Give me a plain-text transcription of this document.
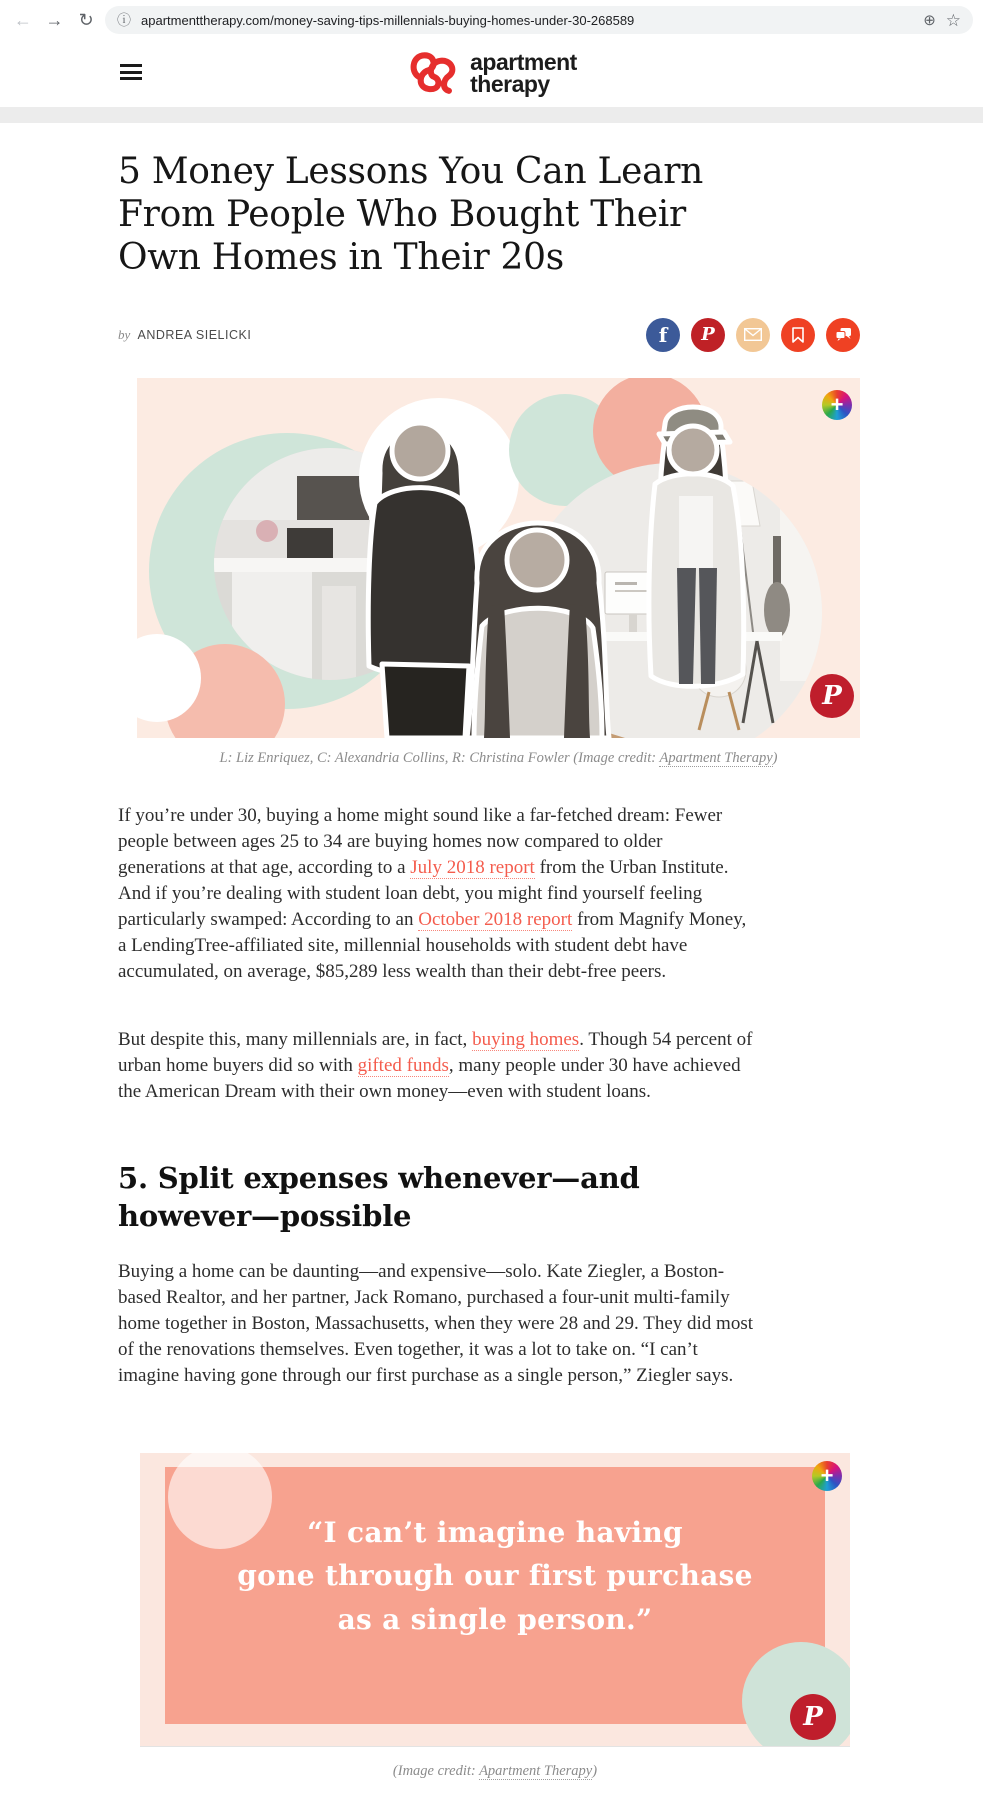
← → ↻	ⓘ apartmenttherapy.com/money-saving-tips-millennials-buying-homes-under-30-268589	⊕ ☆
apartment
therapy
5 Money Lessons You Can Learn From People Who Bought Their Own Homes in Their 20s

by ANDREA SIELICKI	f P
+
P
L: Liz Enriquez, C: Alexandria Collins, R: Christina Fowler (Image credit: Apartment Therapy)

If you’re under 30, buying a home might sound like a far-fetched dream: Fewer people between ages 25 to 34 are buying homes now compared to older generations at that age, according to a July 2018 report from the Urban Institute. And if you’re dealing with student loan debt, you might find yourself feeling particularly swamped: According to an October 2018 report from Magnify Money, a LendingTree-affiliated site, millennial households with student debt have accumulated, on average, $85,289 less wealth than their debt-free peers.

But despite this, many millennials are, in fact, buying homes. Though 54 percent of urban home buyers did so with gifted funds, many people under 30 have achieved the American Dream with their own money—even with student loans.

5. Split expenses whenever—and however—possible

Buying a home can be daunting—and expensive—solo. Kate Ziegler, a Boston-based Realtor, and her partner, Jack Romano, purchased a four-unit multi-family home together in Boston, Massachusetts, when they were 28 and 29. They did most of the renovations themselves. Even together, it was a lot to take on. “I can’t imagine having gone through our first purchase as a single person,” Ziegler says.

“I can’t imagine having
gone through our first purchase
as a single person.”
+
P
(Image credit: Apartment Therapy)
